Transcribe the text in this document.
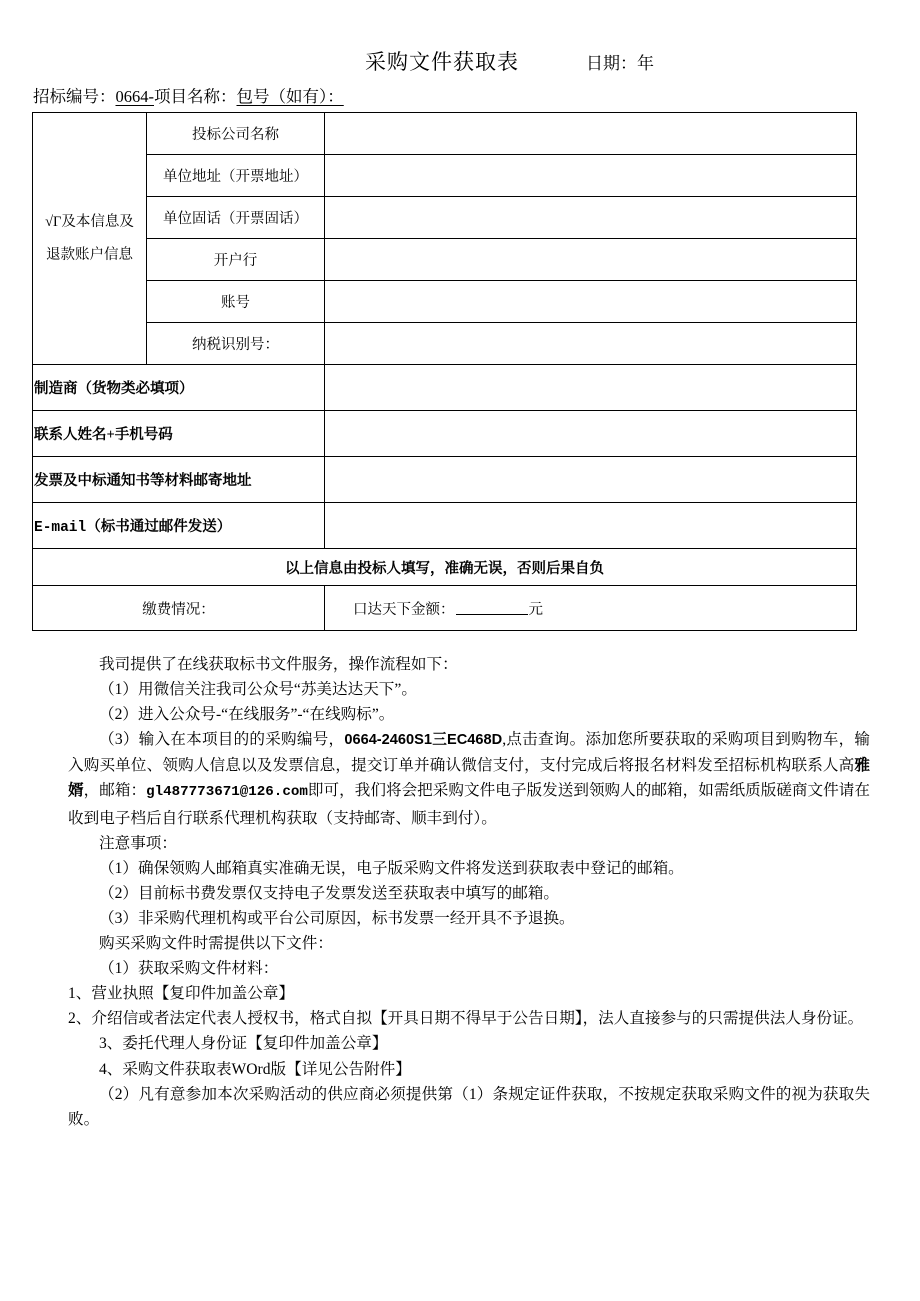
采购文件获取表	日期：年
招标编号：0664-项目名称：包号（如有）：
√Γ及本信息及退款账户信息	投标公司名称	
	单位地址（开票地址）	
	单位固话（开票固话）	
	开户行	
	账号	
	纳税识别号：	
制造商（货物类必填项）		
联系人姓名+手机号码		
发票及中标通知书等材料邮寄地址		
E-mail（标书通过邮件发送）		
以上信息由投标人填写，准确无误，否则后果自负		
缴费情况：		口达天下金额： 元

我司提供了在线获取标书文件服务，操作流程如下：

（1）用微信关注我司公众号“苏美达达天下”。

（2）进入公众号-“在线服务”-“在线购标”。

（3）输入在本项目的的采购编号，0664-2460S1三EC468D,点击查询。添加您所要获取的采购项目到购物车，输入购买单位、领购人信息以及发票信息，提交订单并确认微信支付，支付完成后将报名材料发至招标机构联系人高雅婿，邮箱：gl487773671@126.com即可，我们将会把采购文件电子版发送到领购人的邮箱，如需纸质版磋商文件请在收到电子档后自行联系代理机构获取（支持邮寄、顺丰到付）。

注意事项：

（1）确保领购人邮箱真实准确无误，电子版采购文件将发送到获取表中登记的邮箱。

（2）目前标书费发票仅支持电子发票发送至获取表中填写的邮箱。

（3）非采购代理机构或平台公司原因，标书发票一经开具不予退换。

购买采购文件时需提供以下文件：

（1）获取采购文件材料：

1、营业执照【复印件加盖公章】

2、介绍信或者法定代表人授权书，格式自拟【开具日期不得早于公告日期】，法人直接参与的只需提供法人身份证。

3、委托代理人身份证【复印件加盖公章】

4、采购文件获取表WOrd版【详见公告附件】

（2）凡有意参加本次采购活动的供应商必须提供第（1）条规定证件获取，不按规定获取采购文件的视为获取失败。
